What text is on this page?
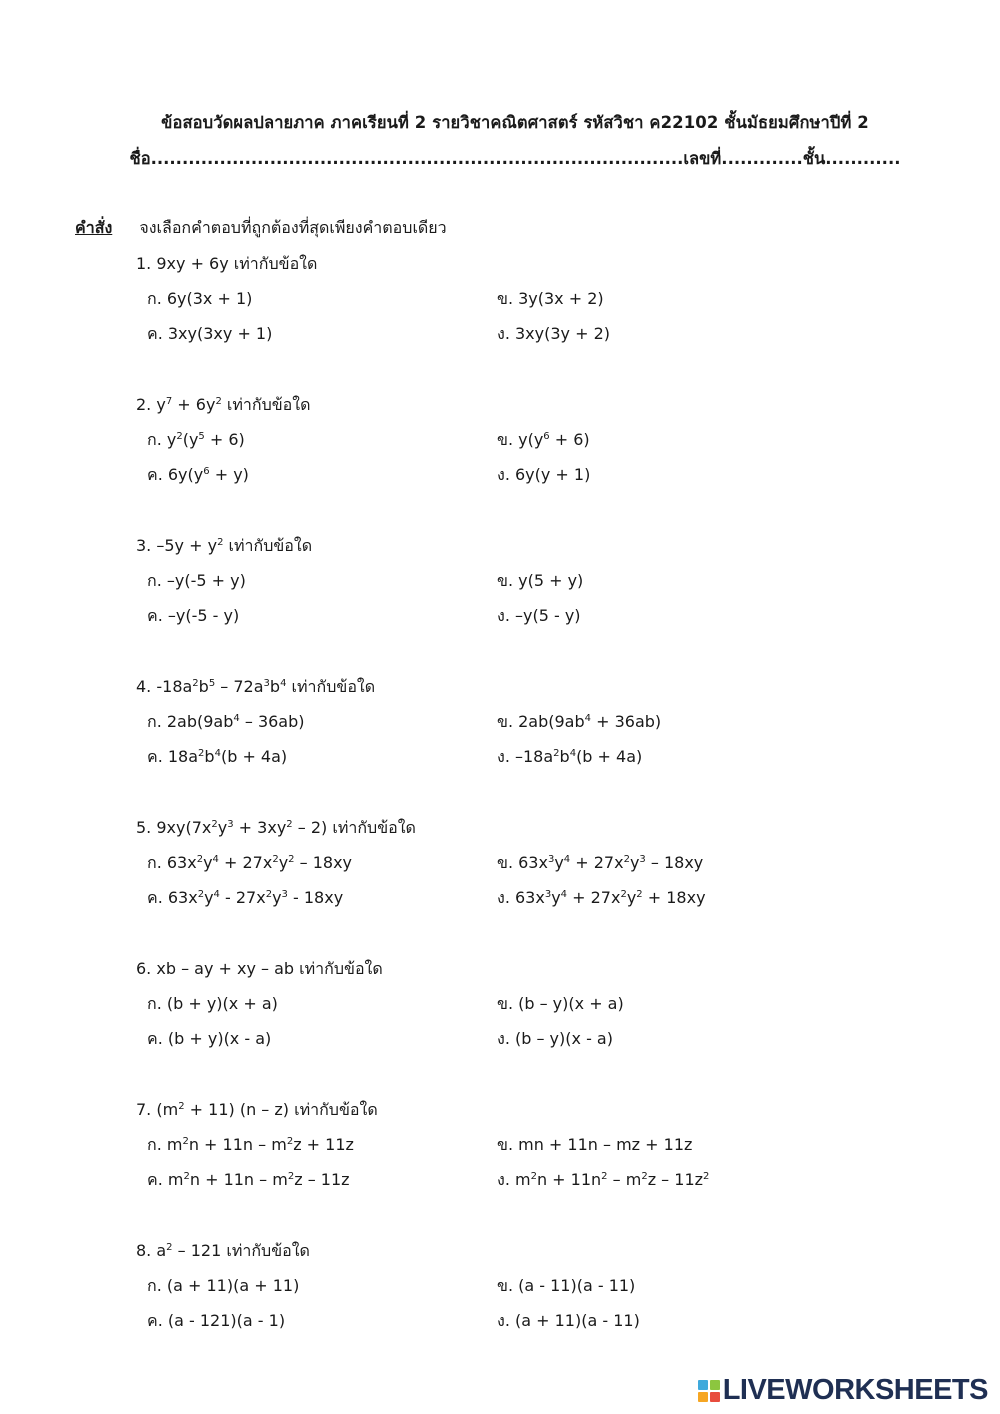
ข้อสอบวัดผลปลายภาค ภาคเรียนที่ 2 รายวิชาคณิตศาสตร์ รหัสวิชา ค22102 ชั้นมัธยมศึกษาปีที่ 2
ชื่อ.....................................................................................เลขที่.............ชั้น............
คำสั่ง จงเลือกคำตอบที่ถูกต้องที่สุดเพียงคำตอบเดียว
1. 9xy + 6y เท่ากับข้อใด
ก. 6y(3x + 1)	ข. 3y(3x + 2)
ค. 3xy(3xy + 1)	ง. 3xy(3y + 2)
2. $y^7 + 6y^2$ เท่ากับข้อใด
ก. $y^2(y^5 + 6)$	ข. $y(y^6 + 6)$
ค. $6y(y^6 + y)$	ง. 6y(y + 1)
3. $-5y + y^2$ เท่ากับข้อใด
ก. –y(-5 + y)	ข. y(5 + y)
ค. –y(-5 - y)	ง. –y(5 - y)
4. $-18a^2b^5 - 72a^3b^4$ เท่ากับข้อใด
ก. $2ab(9ab^4 - 36ab)$	ข. $2ab(9ab^4 + 36ab)$
ค. $18a^2b^4(b + 4a)$	ง. $-18a^2b^4(b + 4a)$
5. $9xy(7x^2y^3 + 3xy^2 - 2)$ เท่ากับข้อใด
ก. $63x^2y^4 + 27x^2y^2 - 18xy$	ข. $63x^3y^4 + 27x^2y^3 - 18xy$
ค. $63x^2y^4 - 27x^2y^3 - 18xy$	ง. $63x^3y^4 + 27x^2y^2 + 18xy$
6. xb – ay + xy – ab เท่ากับข้อใด
ก. (b + y)(x + a)	ข. (b – y)(x + a)
ค. (b + y)(x - a)	ง. (b – y)(x - a)
7. $(m^2 + 11)$ (n – z) เท่ากับข้อใด
ก. $m^2n + 11n - m^2z + 11z$	ข. mn + 11n – mz + 11z
ค. $m^2n + 11n - m^2z - 11z$	ง. $m^2n + 11n^2 - m^2z - 11z^2$
8. $a^2 - 121$ เท่ากับข้อใด
ก. (a + 11)(a + 11)	ข. (a - 11)(a - 11)
ค. (a - 121)(a - 1)	ง. (a + 11)(a - 11)
LIVEWORKSHEETS
